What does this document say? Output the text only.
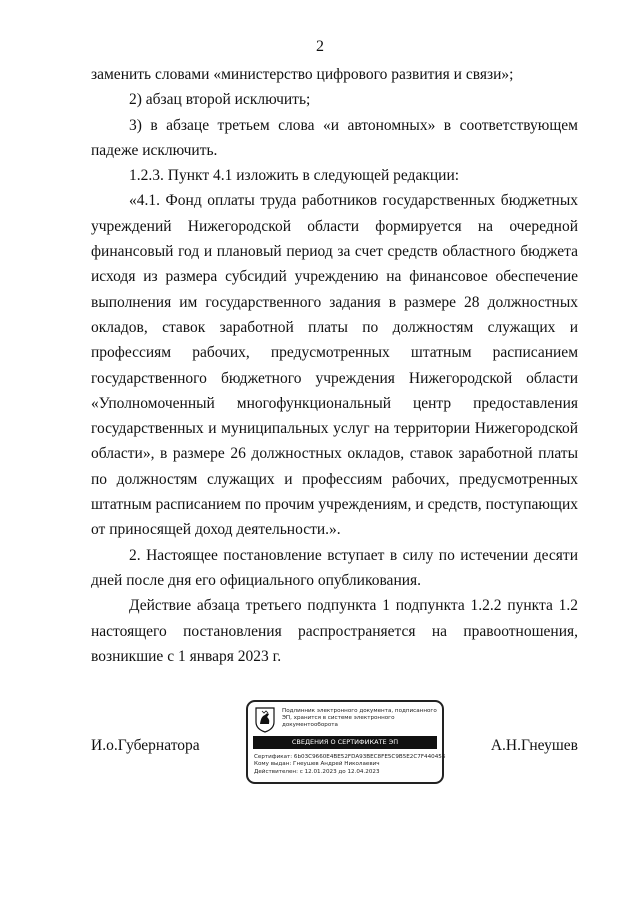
2

заменить словами «министерство цифрового развития и связи»;

2) абзац второй исключить;

3) в абзаце третьем слова «и автономных» в соответствующем падеже исключить.

1.2.3. Пункт 4.1 изложить в следующей редакции:

«4.1. Фонд оплаты труда работников государственных бюджетных учреждений Нижегородской области формируется на очередной финансовый год и плановый период за счет средств областного бюджета исходя из размера субсидий учреждению на финансовое обеспечение выполнения им государственного задания в размере 28 должностных окладов, ставок заработной платы по должностям служащих и профессиям рабочих, предусмотренных штатным расписанием государственного бюджетного учреждения Нижегородской области «Уполномоченный многофункциональный центр предоставления государственных и муниципальных услуг на территории Нижегородской области», в размере 26 должностных окладов, ставок заработной платы по должностям служащих и профессиям рабочих, предусмотренных штатным расписанием по прочим учреждениям, и средств, поступающих от приносящей доход деятельности.».

2. Настоящее постановление вступает в силу по истечении десяти дней после дня его официального опубликования.

Действие абзаца третьего подпункта 1 подпункта 1.2.2 пункта 1.2 настоящего постановления распространяется на правоотношения, возникшие с 1 января 2023 г.

И.о.Губернатора
Подлинник электронного документа, подписанного ЭП, хранится в системе электронного документооборота
СВЕДЕНИЯ О СЕРТИФИКАТЕ ЭП
Сертификат: 6b03C9660E4BE52FDA93BEC8FE5C9B5E2C7F440456
Кому выдан: Гнеушев Андрей Николаевич
Действителен: с 12.01.2023 до 12.04.2023
А.Н.Гнеушев
